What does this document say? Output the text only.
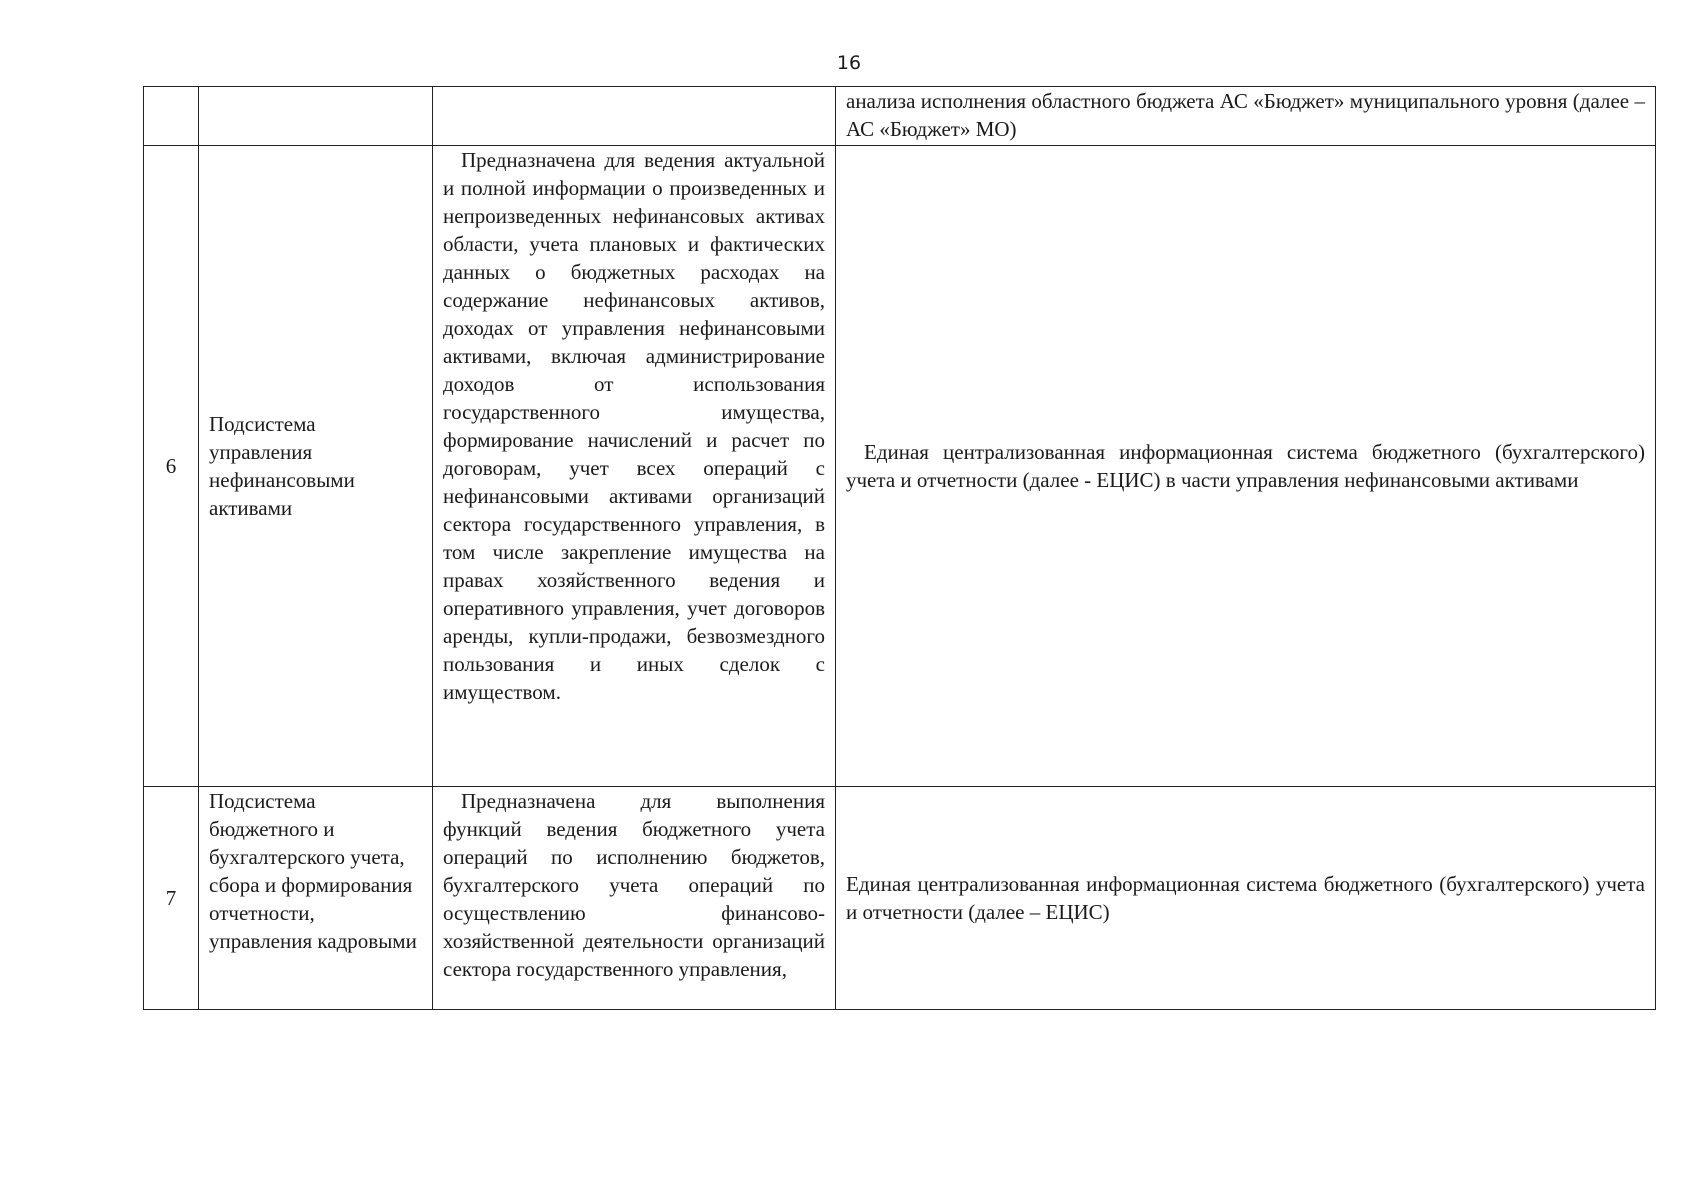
16
			анализа исполнения областного бюджета АС «Бюджет» муниципального уровня (далее – АС «Бюджет» МО)
6	Подсистема управления нефинансовыми активами	Предназначена для ведения актуальной и полной информации о произведенных и непроизведенных нефинансовых активах области, учета плановых и фактических данных о бюджетных расходах на содержание нефинансовых активов, доходах от управления нефинансовыми активами, включая администрирование доходов от использования государственного имущества, формирование начислений и расчет по договорам, учет всех операций с нефинансовыми активами организаций сектора государственного управления, в том числе закрепление имущества на правах хозяйственного ведения и оперативного управления, учет договоров аренды, купли-продажи, безвозмездного пользования и иных сделок с имуществом.	Единая централизованная информационная система бюджетного (бухгалтерского) учета и отчетности (далее - ЕЦИС) в части управления нефинансовыми активами

7	Подсистема бюджетного и бухгалтерского учета, сбора и формирования отчетности, управления кадровыми	Предназначена для выполнения функций ведения бюджетного учета операций по исполнению бюджетов, бухгалтерского учета операций по осуществлению финансово-хозяйственной деятельности организаций сектора государственного управления,	Единая централизованная информационная система бюджетного (бухгалтерского) учета и отчетности (далее – ЕЦИС)
